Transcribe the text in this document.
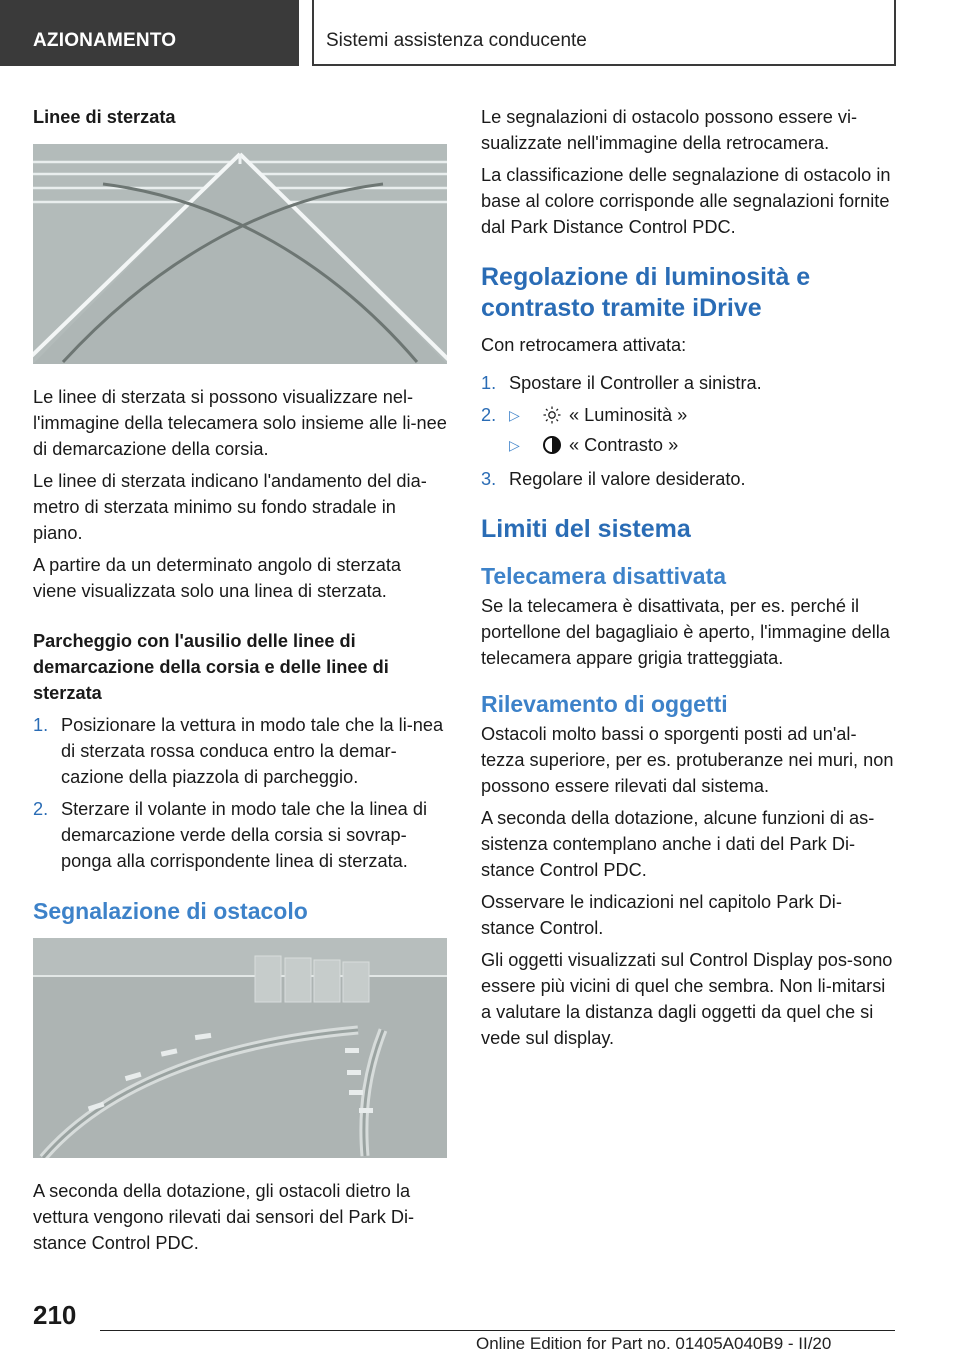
AZIONAMENTO	Sistemi assistenza conducente
Linee di sterzata

Le linee di sterzata si possono visualizzare nel-l'immagine della telecamera solo insieme alle li-nee di demarcazione della corsia.

Le linee di sterzata indicano l'andamento del dia-metro di sterzata minimo su fondo stradale in piano.

A partire da un determinato angolo di sterzata viene visualizzata solo una linea di sterzata.

Parcheggio con l'ausilio delle linee di demarcazione della corsia e delle linee di sterzata
1. Posizionare la vettura in modo tale che la li-nea di sterzata rossa conduca entro la demar-cazione della piazzola di parcheggio.
2. Sterzare il volante in modo tale che la linea di demarcazione verde della corsia si sovrap-ponga alla corrispondente linea di sterzata.
Segnalazione di ostacolo

A seconda della dotazione, gli ostacoli dietro la vettura vengono rilevati dai sensori del Park Di-stance Control PDC.

Le segnalazioni di ostacolo possono essere vi-sualizzate nell'immagine della retrocamera.

La classificazione delle segnalazione di ostacolo in base al colore corrisponde alle segnalazioni fornite dal Park Distance Control PDC.

Regolazione di luminosità e contrasto tramite iDrive

Con retrocamera attivata:

1. Spostare il Controller a sinistra.
2. ▷	« Luminosità »
▷	« Contrasto »
3. Regolare il valore desiderato.
Limiti del sistema
Telecamera disattivata

Se la telecamera è disattivata, per es. perché il portellone del bagagliaio è aperto, l'immagine della telecamera appare grigia tratteggiata.

Rilevamento di oggetti

Ostacoli molto bassi o sporgenti posti ad un'al-tezza superiore, per es. protuberanze nei muri, non possono essere rilevati dal sistema.

A seconda della dotazione, alcune funzioni di as-sistenza contemplano anche i dati del Park Di-stance Control PDC.

Osservare le indicazioni nel capitolo Park Di-stance Control.

Gli oggetti visualizzati sul Control Display pos-sono essere più vicini di quel che sembra. Non li-mitarsi a valutare la distanza dagli oggetti da quel che si vede sul display.

210
Online Edition for Part no. 01405A040B9 - II/20
